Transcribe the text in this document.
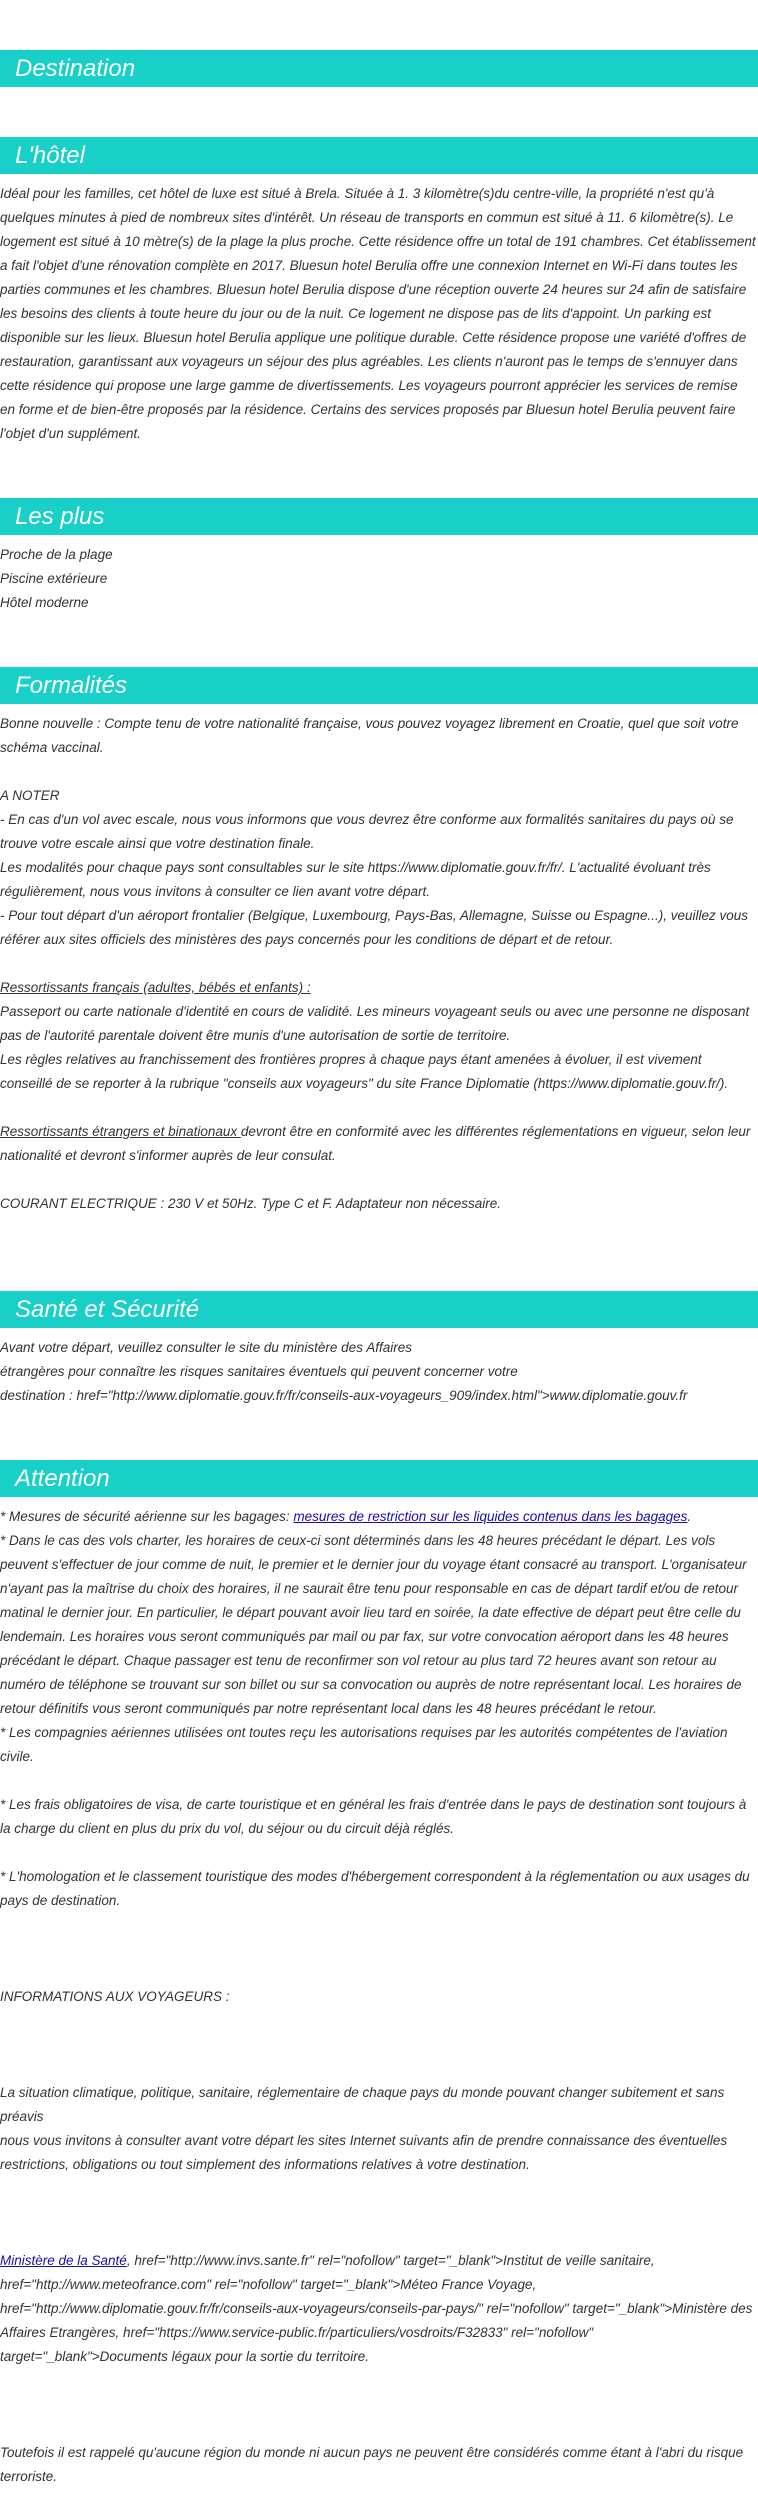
Destination
L'hôtel

Idéal pour les familles, cet hôtel de luxe est situé à Brela. Située à 1. 3 kilomètre(s)du centre-ville, la propriété n'est qu'à quelques minutes à pied de nombreux sites d'intérêt. Un réseau de transports en commun est situé à 11. 6 kilomètre(s). Le logement est situé à 10 mètre(s) de la plage la plus proche. Cette résidence offre un total de 191 chambres. Cet établissement a fait l'objet d'une rénovation complète en 2017. Bluesun hotel Berulia offre une connexion Internet en Wi-Fi dans toutes les parties communes et les chambres. Bluesun hotel Berulia dispose d'une réception ouverte 24 heures sur 24 afin de satisfaire les besoins des clients à toute heure du jour ou de la nuit. Ce logement ne dispose pas de lits d'appoint. Un parking est disponible sur les lieux. Bluesun hotel Berulia applique une politique durable. Cette résidence propose une variété d'offres de restauration, garantissant aux voyageurs un séjour des plus agréables. Les clients n'auront pas le temps de s'ennuyer dans cette résidence qui propose une large gamme de divertissements. Les voyageurs pourront apprécier les services de remise en forme et de bien-être proposés par la résidence. Certains des services proposés par Bluesun hotel Berulia peuvent faire l'objet d'un supplément.

Les plus

Proche de la plage

Piscine extérieure

Hôtel moderne

Formalités

Bonne nouvelle : Compte tenu de votre nationalité française, vous pouvez voyagez librement en Croatie, quel que soit votre schéma vaccinal.

A NOTER

- En cas d'un vol avec escale, nous vous informons que vous devrez être conforme aux formalités sanitaires du pays où se trouve votre escale ainsi que votre destination finale.

Les modalités pour chaque pays sont consultables sur le site https://www.diplomatie.gouv.fr/fr/. L'actualité évoluant très régulièrement, nous vous invitons à consulter ce lien avant votre départ.

- Pour tout départ d'un aéroport frontalier (Belgique, Luxembourg, Pays-Bas, Allemagne, Suisse ou Espagne...), veuillez vous référer aux sites officiels des ministères des pays concernés pour les conditions de départ et de retour.

Ressortissants français (adultes, bébés et enfants) :

Passeport ou carte nationale d'identité en cours de validité. Les mineurs voyageant seuls ou avec une personne ne disposant pas de l'autorité parentale doivent être munis d'une autorisation de sortie de territoire.

Les règles relatives au franchissement des frontières propres à chaque pays étant amenées à évoluer, il est vivement conseillé de se reporter à la rubrique "conseils aux voyageurs" du site France Diplomatie (https://www.diplomatie.gouv.fr/).

Ressortissants étrangers et binationaux devront être en conformité avec les différentes réglementations en vigueur, selon leur nationalité et devront s'informer auprès de leur consulat.

COURANT ELECTRIQUE : 230 V et 50Hz. Type C et F. Adaptateur non nécessaire.

Santé et Sécurité

Avant votre départ, veuillez consulter le site du ministère des Affaires

étrangères pour connaître les risques sanitaires éventuels qui peuvent concerner votre

destination : href="http://www.diplomatie.gouv.fr/fr/conseils-aux-voyageurs_909/index.html">www.diplomatie.gouv.fr

Attention

* Mesures de sécurité aérienne sur les bagages: mesures de restriction sur les liquides contenus dans les bagages.

* Dans le cas des vols charter, les horaires de ceux-ci sont déterminés dans les 48 heures précédant le départ. Les vols peuvent s'effectuer de jour comme de nuit, le premier et le dernier jour du voyage étant consacré au transport. L'organisateur n'ayant pas la maîtrise du choix des horaires, il ne saurait être tenu pour responsable en cas de départ tardif et/ou de retour matinal le dernier jour. En particulier, le départ pouvant avoir lieu tard en soirée, la date effective de départ peut être celle du lendemain. Les horaires vous seront communiqués par mail ou par fax, sur votre convocation aéroport dans les 48 heures précédant le départ. Chaque passager est tenu de reconfirmer son vol retour au plus tard 72 heures avant son retour au numéro de téléphone se trouvant sur son billet ou sur sa convocation ou auprès de notre représentant local. Les horaires de retour définitifs vous seront communiqués par notre représentant local dans les 48 heures précédant le retour.

* Les compagnies aériennes utilisées ont toutes reçu les autorisations requises par les autorités compétentes de l'aviation civile.

* Les frais obligatoires de visa, de carte touristique et en général les frais d'entrée dans le pays de destination sont toujours à la charge du client en plus du prix du vol, du séjour ou du circuit déjà réglés.

* L'homologation et le classement touristique des modes d'hébergement correspondent à la réglementation ou aux usages du pays de destination.

INFORMATIONS AUX VOYAGEURS :

La situation climatique, politique, sanitaire, réglementaire de chaque pays du monde pouvant changer subitement et sans préavis

nous vous invitons à consulter avant votre départ les sites Internet suivants afin de prendre connaissance des éventuelles restrictions, obligations ou tout simplement des informations relatives à votre destination.

Ministère de la Santé, href="http://www.invs.sante.fr" rel="nofollow" target="_blank">Institut de veille sanitaire, href="http://www.meteofrance.com" rel="nofollow" target="_blank">Méteo France Voyage, href="http://www.diplomatie.gouv.fr/fr/conseils-aux-voyageurs/conseils-par-pays/" rel="nofollow" target="_blank">Ministère des Affaires Etrangères, href="https://www.service-public.fr/particuliers/vosdroits/F32833" rel="nofollow" target="_blank">Documents légaux pour la sortie du territoire.

Toutefois il est rappelé qu'aucune région du monde ni aucun pays ne peuvent être considérés comme étant à l'abri du risque terroriste.
